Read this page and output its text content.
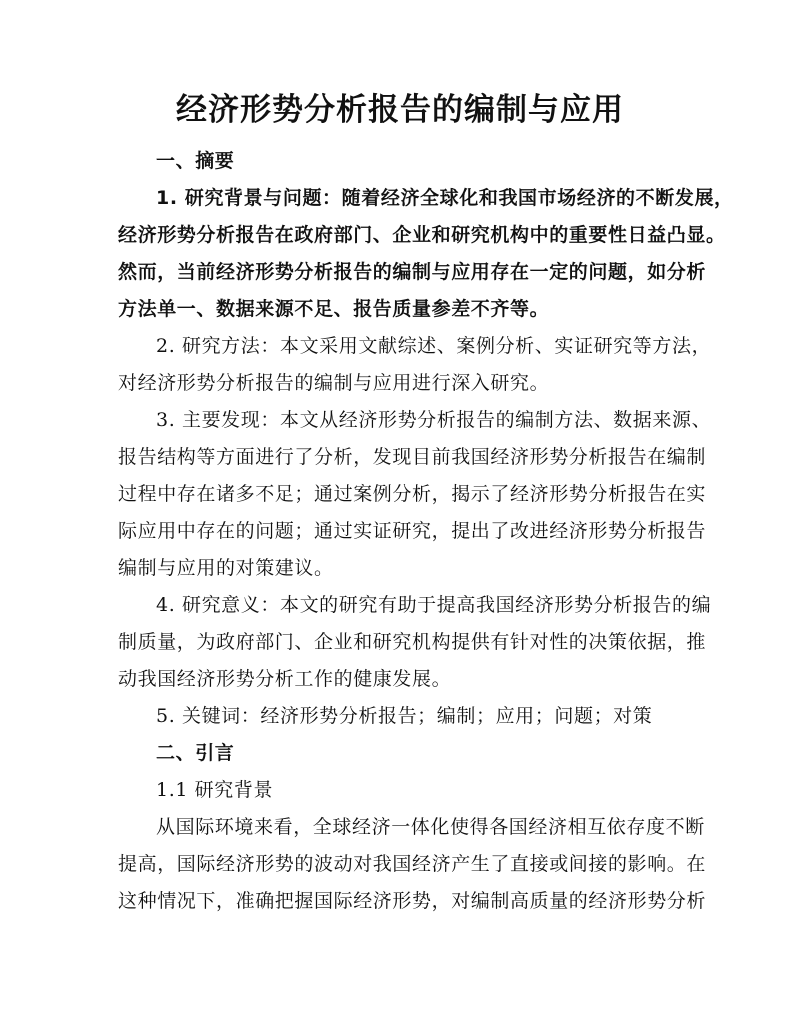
经济形势分析报告的编制与应用
一、摘要
1. 研究背景与问题：随着经济全球化和我国市场经济的不断发展，
经济形势分析报告在政府部门、企业和研究机构中的重要性日益凸显。
然而，当前经济形势分析报告的编制与应用存在一定的问题，如分析
方法单一、数据来源不足、报告质量参差不齐等。
2. 研究方法：本文采用文献综述、案例分析、实证研究等方法，
对经济形势分析报告的编制与应用进行深入研究。
3. 主要发现：本文从经济形势分析报告的编制方法、数据来源、
报告结构等方面进行了分析，发现目前我国经济形势分析报告在编制
过程中存在诸多不足；通过案例分析，揭示了经济形势分析报告在实
际应用中存在的问题；通过实证研究，提出了改进经济形势分析报告
编制与应用的对策建议。
4. 研究意义：本文的研究有助于提高我国经济形势分析报告的编
制质量，为政府部门、企业和研究机构提供有针对性的决策依据，推
动我国经济形势分析工作的健康发展。
5. 关键词：经济形势分析报告；编制；应用；问题；对策
二、引言
1.1 研究背景
从国际环境来看，全球经济一体化使得各国经济相互依存度不断
提高，国际经济形势的波动对我国经济产生了直接或间接的影响。在
这种情况下，准确把握国际经济形势，对编制高质量的经济形势分析
